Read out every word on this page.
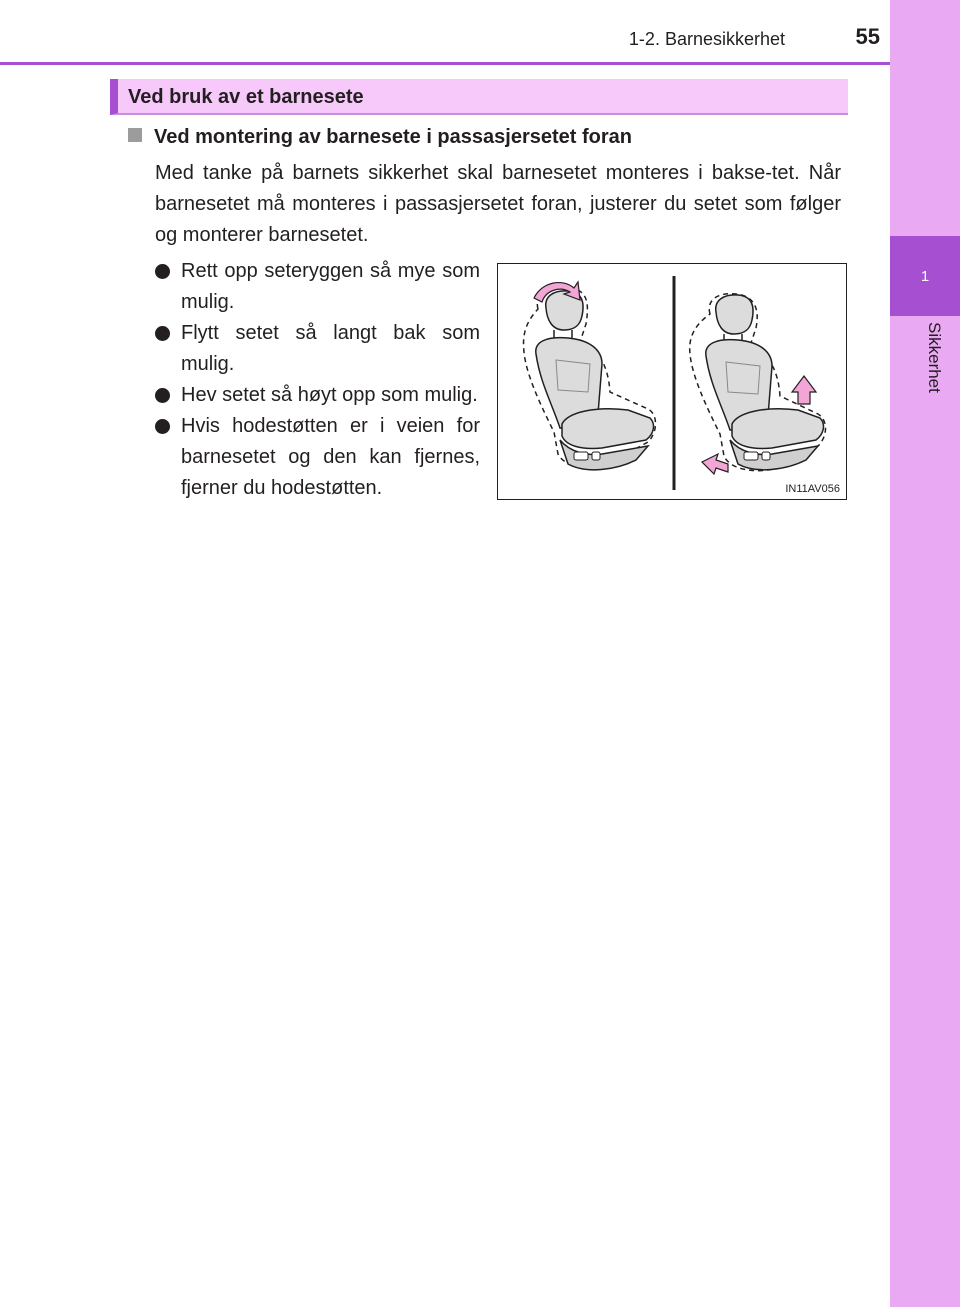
1
Sikkerhet
1-2. Barnesikkerhet	55
Ved bruk av et barnesete
Ved montering av barnesete i passasjersetet foran
Med tanke på barnets sikkerhet skal barnesetet monteres i bakse-tet. Når barnesetet må monteres i passasjersetet foran, justerer du setet som følger og monterer barnesetet.
Rett opp seteryggen så mye som mulig.
Flytt setet så langt bak som mulig.
Hev setet så høyt opp som mulig.
Hvis hodestøtten er i veien for barnesetet og den kan fjernes, fjerner du hodestøtten.	IN11AV056
